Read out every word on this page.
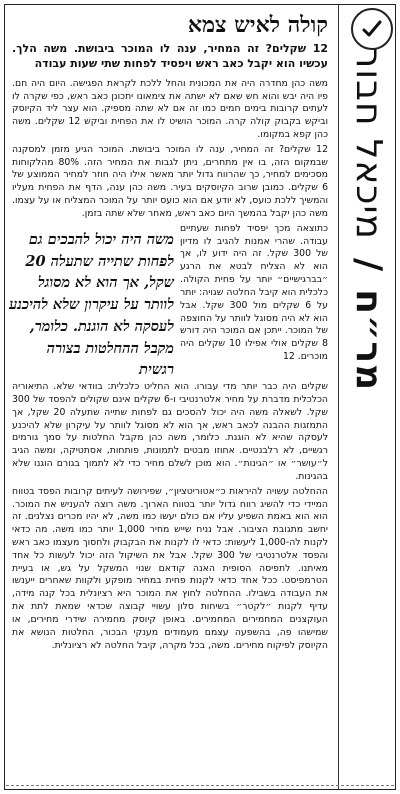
מר״ח / מיכאל חבור
קולה לאיש צמא

12 שקלים? זה המחיר, ענה לו המוכר ביבושת. משה הלך. עכשיו הוא יקבל כאב ראש ויפסיד לפחות שתי שעות עבודה

משה כהן מחדרה היה את המכונית והחל ללכת לקראת הפגישה. היום היה חם. פיו היה יבש והוא חש שאם לא ישתה את צימאונו יתכונן כאב ראש, כפי שקרה לו לעתים קרובות בימים חמים כמו זה אם לא שתה מספיק. הוא עצר ליד הקיוסק וביקש בקבוק קולה קרה. המוכר הושיט לו את הפחית וביקש 12 שקלים. משה כהן קפא במקומו.

12 שקלים? זה המחיר, ענה לו המוכר ביבושת. המוכר הגיע מזמן למסקנה שבמקום הזה, בו אין מתחרים, ניתן לגבות את המחיר הזה. 80% מהלקוחות מסכימים למחיר, כך שהרווח גדול יותר מאשר אילו היה חוזר למחיר הממוצע של 6 שקלים. כמובן שרוב הקיוסקים בעיר. משה כהן ענה, הדף את הפחית מעליו והמשיך ללכת כועס, לא יודע אם הוא כועס יותר על המוכר המצליח או על עצמו. משה כהן יקבל בהמשך היום כאב ראש, מאחר שלא שתה בזמן.

כתוצאה מכך יפסיד לפחות שעתיים עבודה. שהרי אמנות להגיב לו מדיון של 300 שקל. זה היה ידוע לו, אך הוא לא הצליח לבטא את הרגע ״בברגישיים״ יותר על פחית הקולה. כלכלית הוא קיבל החלטה שגויה: יותר על 6 שקלים מול 300 שקל. אבל הוא לא היה מסוגל לוותר על החוצפה של המוכר. ייתכן אם המוכר היה דורש 8 שקלים אולי אפילו 10 שקלים היה מוכרים. 12

משה היה יכול להבכים גם לפחות שתייה שתעלה 20 שקל, אך הוא לא מסוגל לוותר על עיקרון שלא להיכנע לעסקה לא הוגנת. כלומר, מקבל ההחלטות בצורה רגשית

שקלים היה כבר יותר מדי עבורו. הוא החליט כלכלית: בוודאי שלא. התיאוריה הכלכלית מדברת על מחיר אלטרנטיבי ו-6 שקלים אינם שקולים להפסד של 300 שקל. לשאלה משה היה יכול להסכים גם לפחות שתייה שתעלה 20 שקל, אך התמזגות ההבנה לכאב ראש, אך הוא לא מסוגל לוותר על עיקרון שלא להיכנע לעסקה שהיא לא הוגנת. כלומר, משה כהן מקבל החלטות על סמך גורמים רגשיים, לא רלבנטיים. אחוזו מבטים לתמונות, פותחות, אסתטיקה, ומשה הגיב ל״עושר״ או ״הגינות״. הוא מוכן לשלם מחיר כדי לא לתמוך בגורם הוגנו שלא בהגינות.

ההחלטה עשויה להיראות כ״אטוריטציון״, שפירושה לעיתים קרובות הפסד בטווח המיידי כדי להשיג רווח גדול יותר בטווח הארוך. משה רוצה להעניש את המוכר. הוא הוא באמת השפיע עליו אם כולם יעשו כמו משה, לא יהיו מכרים נצלנים. זה יחשב מתגובת הציבור. אבל נניח שייש מחיר 1,000 יותר כמו משה. מה כדאי לקנות לה-1,000 ליעשות: כדאי לו לקנות את הבקבוק ולחסוך מעצמו כאב ראש והפסד אלטרנטיבי של 300 שקל. אבל את השיקול הזה יכול לעשות כל אחד מאיתנו. לתפיסה הסופית האנה קודאם שנוי המשקל על גש, או בעיית הטרמפיסט. ככל אחד כדאי לקנות פחית במחיר מופקע ולקוות שאחרים ייענשו את העבודה בשבילו. ההחלטה לחוץ את המוכר היא רציונלית בכל קנה מידה, עדיף לקנות ״לקטר״ בשיחות סלון עשויי קבוצה שכדאי שמאת לתת את העוקצנים המחמירים המחמירים. באופן קיוסק מחמירה שידרי מחירים, או שמישהו פה, בהשפעה עצמם מעמודים מענקי הבכור, החלטות הנושא את הקיוסק לפיקוח מחירים. משה, בכל מקרה, קיבל החלטה לא רציונלית.
